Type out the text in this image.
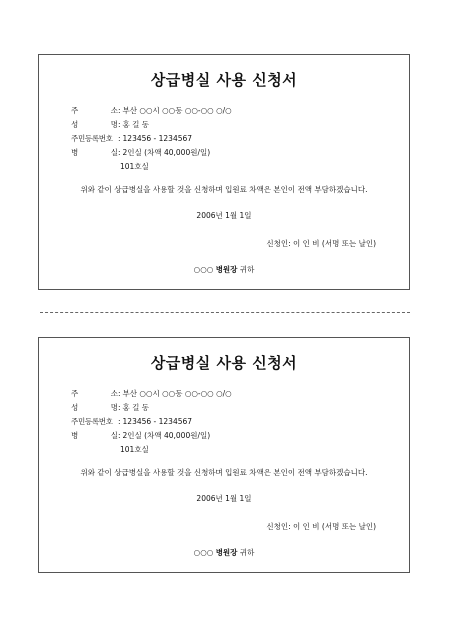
상급병실 사용 신청서
주	소 : 부산 ○○시 ○○동 ○○-○○ ○/○
성	명 : 홍 길 동
주민등록번호 : 123456 - 1234567
병	실 : 2인실 (차액 40,000원/일)
101호실
위와 같이 상급병실을 사용할 것을 신청하며 입원료 차액은 본인이 전액 부담하겠습니다.
2006년 1월 1일
신청인: 이 인 비 (서명 또는 날인)
○○○ 병원장 귀하
상급병실 사용 신청서
주	소 : 부산 ○○시 ○○동 ○○-○○ ○/○
성	명 : 홍 길 동
주민등록번호 : 123456 - 1234567
병	실 : 2인실 (차액 40,000원/일)
101호실
위와 같이 상급병실을 사용할 것을 신청하며 입원료 차액은 본인이 전액 부담하겠습니다.
2006년 1월 1일
신청인: 이 인 비 (서명 또는 날인)
○○○ 병원장 귀하
